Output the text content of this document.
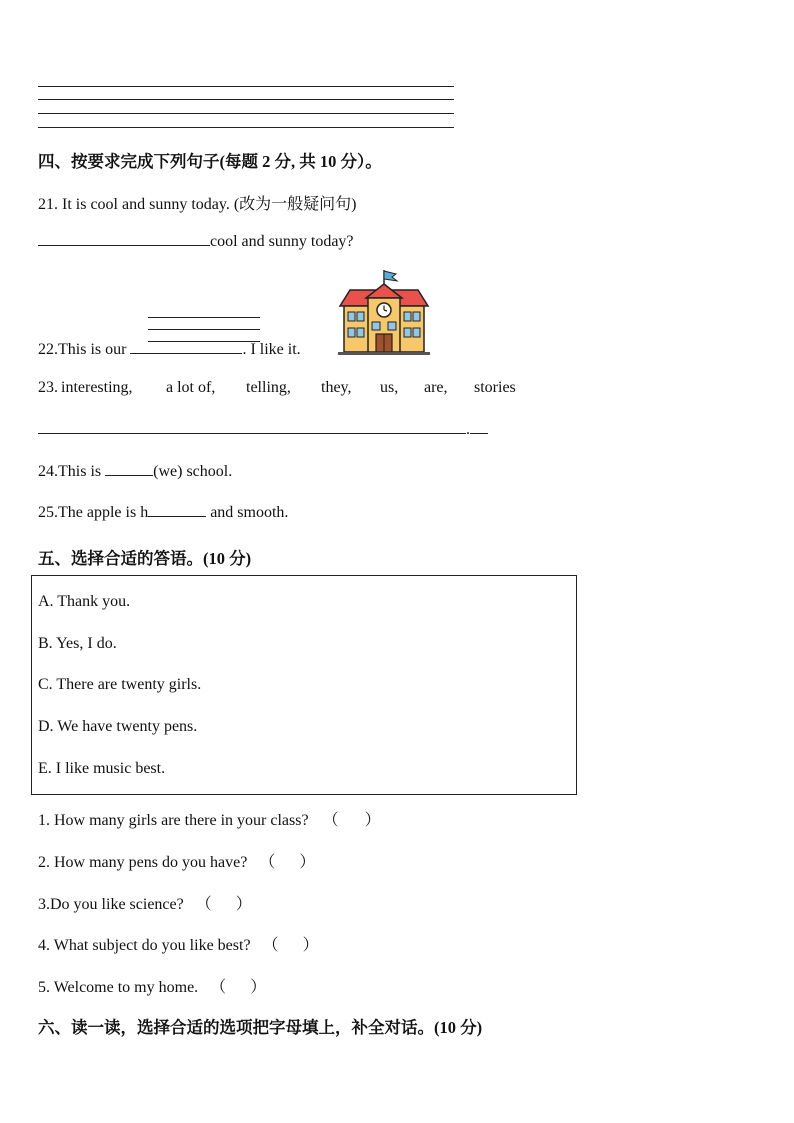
四、按要求完成下列句子(每题 2 分, 共 10 分）。
21. It is cool and sunny today. (改为一般疑问句)
cool and sunny today?
22.This is our	. I like it.
23. interesting, a lot of, telling, they, us, are, stories
.
24.This is	(we) school.
25.The apple is h	and smooth.
五、选择合适的答语。(10 分)
A. Thank you.
B. Yes, I do.
C. There are twenty girls.
D. We have twenty pens.
E. I like music best.
1. How many girls are there in your class? （ ）
2. How many pens do you have? （ ）
3.Do you like science? （ ）
4. What subject do you like best? （ ）
5. Welcome to my home. （ ）
六、读一读，选择合适的选项把字母填上，补全对话。(10 分)
